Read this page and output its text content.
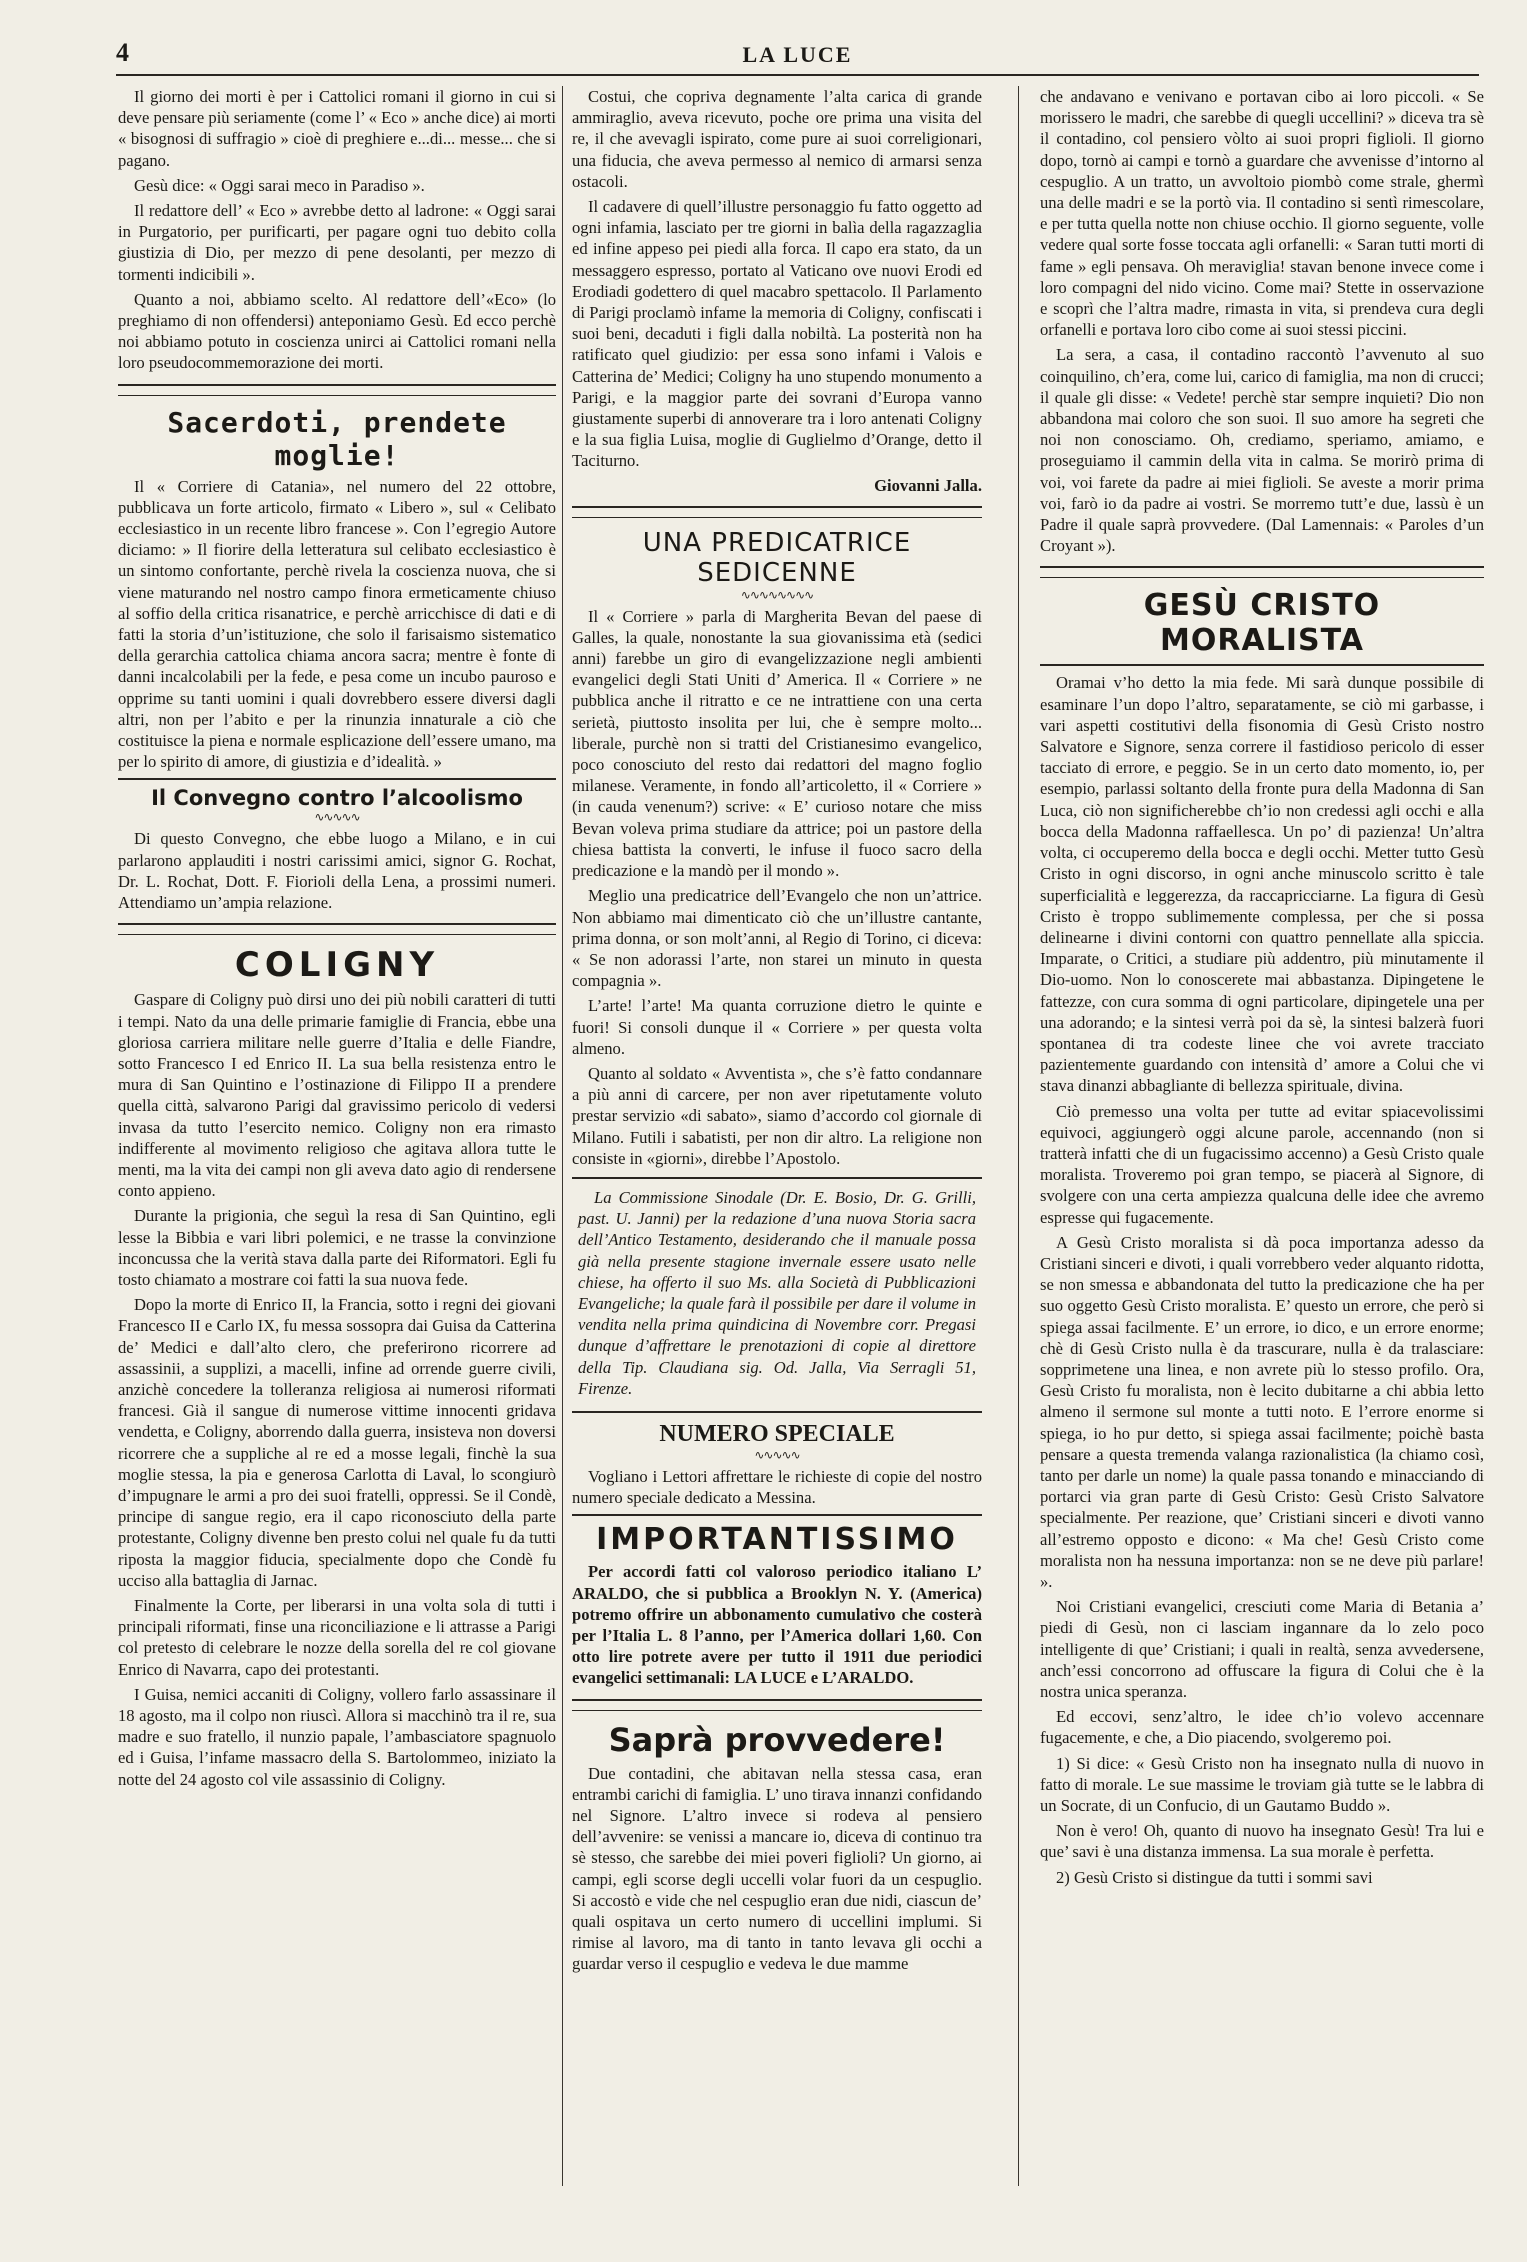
4	LA LUCE

Il giorno dei morti è per i Cattolici romani il giorno in cui si deve pensare più seriamente (come l’ « Eco » anche dice) ai morti « bisognosi di suffragio » cioè di preghiere e...di... messe... che si pagano.

Gesù dice: « Oggi sarai meco in Paradiso ».

Il redattore dell’ « Eco » avrebbe detto al ladrone: « Oggi sarai in Purgatorio, per purificarti, per pagare ogni tuo debito colla giustizia di Dio, per mezzo di pene desolanti, per mezzo di tormenti indicibili ».

Quanto a noi, abbiamo scelto. Al redattore dell’«Eco» (lo preghiamo di non offendersi) anteponiamo Gesù. Ed ecco perchè noi abbiamo potuto in coscienza unirci ai Cattolici romani nella loro pseudocommemorazione dei morti.

Sacerdoti, prendete moglie!

Il « Corriere di Catania», nel numero del 22 ottobre, pubblicava un forte articolo, firmato « Libero », sul « Celibato ecclesiastico in un recente libro francese ». Con l’egregio Autore diciamo: » Il fiorire della letteratura sul celibato ecclesiastico è un sintomo confortante, perchè rivela la coscienza nuova, che si viene maturando nel nostro campo finora ermeticamente chiuso al soffio della critica risanatrice, e perchè arricchisce di dati e di fatti la storia d’un’istituzione, che solo il farisaismo sistematico della gerarchia cattolica chiama ancora sacra; mentre è fonte di danni incalcolabili per la fede, e pesa come un incubo pauroso e opprime su tanti uomini i quali dovrebbero essere diversi dagli altri, non per l’abito e per la rinunzia innaturale a ciò che costituisce la piena e normale esplicazione dell’essere umano, ma per lo spirito di amore, di giustizia e d’idealità. »

Il Convegno contro l’alcoolismo
∿∿∿∿∿

Di questo Convegno, che ebbe luogo a Milano, e in cui parlarono applauditi i nostri carissimi amici, signor G. Rochat, Dr. L. Rochat, Dott. F. Fiorioli della Lena, a prossimi numeri. Attendiamo un’ampia relazione.

COLIGNY

Gaspare di Coligny può dirsi uno dei più nobili caratteri di tutti i tempi. Nato da una delle primarie famiglie di Francia, ebbe una gloriosa carriera militare nelle guerre d’Italia e delle Fiandre, sotto Francesco I ed Enrico II. La sua bella resistenza entro le mura di San Quintino e l’ostinazione di Filippo II a prendere quella città, salvarono Parigi dal gravissimo pericolo di vedersi invasa da tutto l’esercito nemico. Coligny non era rimasto indifferente al movimento religioso che agitava allora tutte le menti, ma la vita dei campi non gli aveva dato agio di rendersene conto appieno.

Durante la prigionia, che seguì la resa di San Quintino, egli lesse la Bibbia e vari libri polemici, e ne trasse la convinzione inconcussa che la verità stava dalla parte dei Riformatori. Egli fu tosto chiamato a mostrare coi fatti la sua nuova fede.

Dopo la morte di Enrico II, la Francia, sotto i regni dei giovani Francesco II e Carlo IX, fu messa sossopra dai Guisa da Catterina de’ Medici e dall’alto clero, che preferirono ricorrere ad assassinii, a supplizi, a macelli, infine ad orrende guerre civili, anzichè concedere la tolleranza religiosa ai numerosi riformati francesi. Già il sangue di numerose vittime innocenti gridava vendetta, e Coligny, aborrendo dalla guerra, insisteva non doversi ricorrere che a suppliche al re ed a mosse legali, finchè la sua moglie stessa, la pia e generosa Carlotta di Laval, lo scongiurò d’impugnare le armi a pro dei suoi fratelli, oppressi. Se il Condè, principe di sangue regio, era il capo riconosciuto della parte protestante, Coligny divenne ben presto colui nel quale fu da tutti riposta la maggior fiducia, specialmente dopo che Condè fu ucciso alla battaglia di Jarnac.

Finalmente la Corte, per liberarsi in una volta sola di tutti i principali riformati, finse una riconciliazione e li attrasse a Parigi col pretesto di celebrare le nozze della sorella del re col giovane Enrico di Navarra, capo dei protestanti.

I Guisa, nemici accaniti di Coligny, vollero farlo assassinare il 18 agosto, ma il colpo non riuscì. Allora si macchinò tra il re, sua madre e suo fratello, il nunzio papale, l’ambasciatore spagnuolo ed i Guisa, l’infame massacro della S. Bartolommeo, iniziato la notte del 24 agosto col vile assassinio di Coligny.

Costui, che copriva degnamente l’alta carica di grande ammiraglio, aveva ricevuto, poche ore prima una visita del re, il che avevagli ispirato, come pure ai suoi correligionari, una fiducia, che aveva permesso al nemico di armarsi senza ostacoli.

Il cadavere di quell’illustre personaggio fu fatto oggetto ad ogni infamia, lasciato per tre giorni in balìa della ragazzaglia ed infine appeso pei piedi alla forca. Il capo era stato, da un messaggero espresso, portato al Vaticano ove nuovi Erodi ed Erodiadi godettero di quel macabro spettacolo. Il Parlamento di Parigi proclamò infame la memoria di Coligny, confiscati i suoi beni, decaduti i figli dalla nobiltà. La posterità non ha ratificato quel giudizio: per essa sono infami i Valois e Catterina de’ Medici; Coligny ha uno stupendo monumento a Parigi, e la maggior parte dei sovrani d’Europa vanno giustamente superbi di annoverare tra i loro antenati Coligny e la sua figlia Luisa, moglie di Guglielmo d’Orange, detto il Taciturno.

Giovanni Jalla.
UNA PREDICATRICE SEDICENNE
∿∿∿∿∿∿∿∿

Il « Corriere » parla di Margherita Bevan del paese di Galles, la quale, nonostante la sua giovanissima età (sedici anni) farebbe un giro di evangelizzazione negli ambienti evangelici degli Stati Uniti d’ America. Il « Corriere » ne pubblica anche il ritratto e ce ne intrattiene con una certa serietà, piuttosto insolita per lui, che è sempre molto... liberale, purchè non si tratti del Cristianesimo evangelico, poco conosciuto del resto dai redattori del magno foglio milanese. Veramente, in fondo all’articoletto, il « Corriere » (in cauda venenum?) scrive: « E’ curioso notare che miss Bevan voleva prima studiare da attrice; poi un pastore della chiesa battista la converti, le infuse il fuoco sacro della predicazione e la mandò per il mondo ».

Meglio una predicatrice dell’Evangelo che non un’attrice. Non abbiamo mai dimenticato ciò che un’illustre cantante, prima donna, or son molt’anni, al Regio di Torino, ci diceva: « Se non adorassi l’arte, non starei un minuto in questa compagnia ».

L’arte! l’arte! Ma quanta corruzione dietro le quinte e fuori! Si consoli dunque il « Corriere » per questa volta almeno.

Quanto al soldato « Avventista », che s’è fatto condannare a più anni di carcere, per non aver ripetutamente voluto prestar servizio «di sabato», siamo d’accordo col giornale di Milano. Futili i sabatisti, per non dir altro. La religione non consiste in «giorni», direbbe l’Apostolo.

La Commissione Sinodale (Dr. E. Bosio, Dr. G. Grilli, past. U. Janni) per la redazione d’una nuova Storia sacra dell’Antico Testamento, desiderando che il manuale possa già nella presente stagione invernale essere usato nelle chiese, ha offerto il suo Ms. alla Società di Pubblicazioni Evangeliche; la quale farà il possibile per dare il volume in vendita nella prima quindicina di Novembre corr. Pregasi dunque d’affrettare le prenotazioni di copie al direttore della Tip. Claudiana sig. Od. Jalla, Via Serragli 51, Firenze.

NUMERO SPECIALE
∿∿∿∿∿

Vogliano i Lettori affrettare le richieste di copie del nostro numero speciale dedicato a Messina.

IMPORTANTISSIMO

Per accordi fatti col valoroso periodico italiano L’ ARALDO, che si pubblica a Brooklyn N. Y. (America) potremo offrire un abbonamento cumulativo che costerà per l’Italia L. 8 l’anno, per l’America dollari 1,60. Con otto lire potrete avere per tutto il 1911 due periodici evangelici settimanali: LA LUCE e L’ARALDO.

Saprà provvedere!

Due contadini, che abitavan nella stessa casa, eran entrambi carichi di famiglia. L’ uno tirava innanzi confidando nel Signore. L’altro invece si rodeva al pensiero dell’avvenire: se venissi a mancare io, diceva di continuo tra sè stesso, che sarebbe dei miei poveri figlioli? Un giorno, ai campi, egli scorse degli uccelli volar fuori da un cespuglio. Si accostò e vide che nel cespuglio eran due nidi, ciascun de’ quali ospitava un certo numero di uccellini implumi. Si rimise al lavoro, ma di tanto in tanto levava gli occhi a guardar verso il cespuglio e vedeva le due mamme

che andavano e venivano e portavan cibo ai loro piccoli. « Se morissero le madri, che sarebbe di quegli uccellini? » diceva tra sè il contadino, col pensiero vòlto ai suoi propri figlioli. Il giorno dopo, tornò ai campi e tornò a guardare che avvenisse d’intorno al cespuglio. A un tratto, un avvoltoio piombò come strale, ghermì una delle madri e se la portò via. Il contadino si sentì rimescolare, e per tutta quella notte non chiuse occhio. Il giorno seguente, volle vedere qual sorte fosse toccata agli orfanelli: « Saran tutti morti di fame » egli pensava. Oh meraviglia! stavan benone invece come i loro compagni del nido vicino. Come mai? Stette in osservazione e scoprì che l’altra madre, rimasta in vita, si prendeva cura degli orfanelli e portava loro cibo come ai suoi stessi piccini.

La sera, a casa, il contadino raccontò l’avvenuto al suo coinquilino, ch’era, come lui, carico di famiglia, ma non di crucci; il quale gli disse: « Vedete! perchè star sempre inquieti? Dio non abbandona mai coloro che son suoi. Il suo amore ha segreti che noi non conosciamo. Oh, crediamo, speriamo, amiamo, e proseguiamo il cammin della vita in calma. Se morirò prima di voi, voi farete da padre ai miei figlioli. Se aveste a morir prima voi, farò io da padre ai vostri. Se morremo tutt’e due, lassù è un Padre il quale saprà provvedere. (Dal Lamennais: « Paroles d’un Croyant »).

GESÙ CRISTO MORALISTA

Oramai v’ho detto la mia fede. Mi sarà dunque possibile di esaminare l’un dopo l’altro, separatamente, se ciò mi garbasse, i vari aspetti costitutivi della fisonomia di Gesù Cristo nostro Salvatore e Signore, senza correre il fastidioso pericolo di esser tacciato di errore, e peggio. Se in un certo dato momento, io, per esempio, parlassi soltanto della fronte pura della Madonna di San Luca, ciò non significherebbe ch’io non credessi agli occhi e alla bocca della Madonna raffaellesca. Un po’ di pazienza! Un’altra volta, ci occuperemo della bocca e degli occhi. Metter tutto Gesù Cristo in ogni discorso, in ogni anche minuscolo scritto è tale superficialità e leggerezza, da raccapricciarne. La figura di Gesù Cristo è troppo sublimemente complessa, per che si possa delinearne i divini contorni con quattro pennellate alla spiccia. Imparate, o Critici, a studiare più addentro, più minutamente il Dio-uomo. Non lo conoscerete mai abbastanza. Dipingetene le fattezze, con cura somma di ogni particolare, dipingetele una per una adorando; e la sintesi verrà poi da sè, la sintesi balzerà fuori spontanea di tra codeste linee che voi avrete tracciato pazientemente guardando con intensità d’ amore a Colui che vi stava dinanzi abbagliante di bellezza spirituale, divina.

Ciò premesso una volta per tutte ad evitar spiacevolissimi equivoci, aggiungerò oggi alcune parole, accennando (non si tratterà infatti che di un fugacissimo accenno) a Gesù Cristo quale moralista. Troveremo poi gran tempo, se piacerà al Signore, di svolgere con una certa ampiezza qualcuna delle idee che avremo espresse qui fugacemente.

A Gesù Cristo moralista si dà poca importanza adesso da Cristiani sinceri e divoti, i quali vorrebbero veder alquanto ridotta, se non smessa e abbandonata del tutto la predicazione che ha per suo oggetto Gesù Cristo moralista. E’ questo un errore, che però si spiega assai facilmente. E’ un errore, io dico, e un errore enorme; chè di Gesù Cristo nulla è da trascurare, nulla è da tralasciare: sopprimetene una linea, e non avrete più lo stesso profilo. Ora, Gesù Cristo fu moralista, non è lecito dubitarne a chi abbia letto almeno il sermone sul monte a tutti noto. E l’errore enorme si spiega, io ho pur detto, si spiega assai facilmente; poichè basta pensare a questa tremenda valanga razionalistica (la chiamo così, tanto per darle un nome) la quale passa tonando e minacciando di portarci via gran parte di Gesù Cristo: Gesù Cristo Salvatore specialmente. Per reazione, que’ Cristiani sinceri e divoti vanno all’estremo opposto e dicono: « Ma che! Gesù Cristo come moralista non ha nessuna importanza: non se ne deve più parlare! ».

Noi Cristiani evangelici, cresciuti come Maria di Betania a’ piedi di Gesù, non ci lasciam ingannare da lo zelo poco intelligente di que’ Cristiani; i quali in realtà, senza avvedersene, anch’essi concorrono ad offuscare la figura di Colui che è la nostra unica speranza.

Ed eccovi, senz’altro, le idee ch’io volevo accennare fugacemente, e che, a Dio piacendo, svolgeremo poi.

1) Si dice: « Gesù Cristo non ha insegnato nulla di nuovo in fatto di morale. Le sue massime le troviam già tutte se le labbra di un Socrate, di un Confucio, di un Gautamo Buddo ».

Non è vero! Oh, quanto di nuovo ha insegnato Gesù! Tra lui e que’ savi è una distanza immensa. La sua morale è perfetta.

2) Gesù Cristo si distingue da tutti i sommi savi
